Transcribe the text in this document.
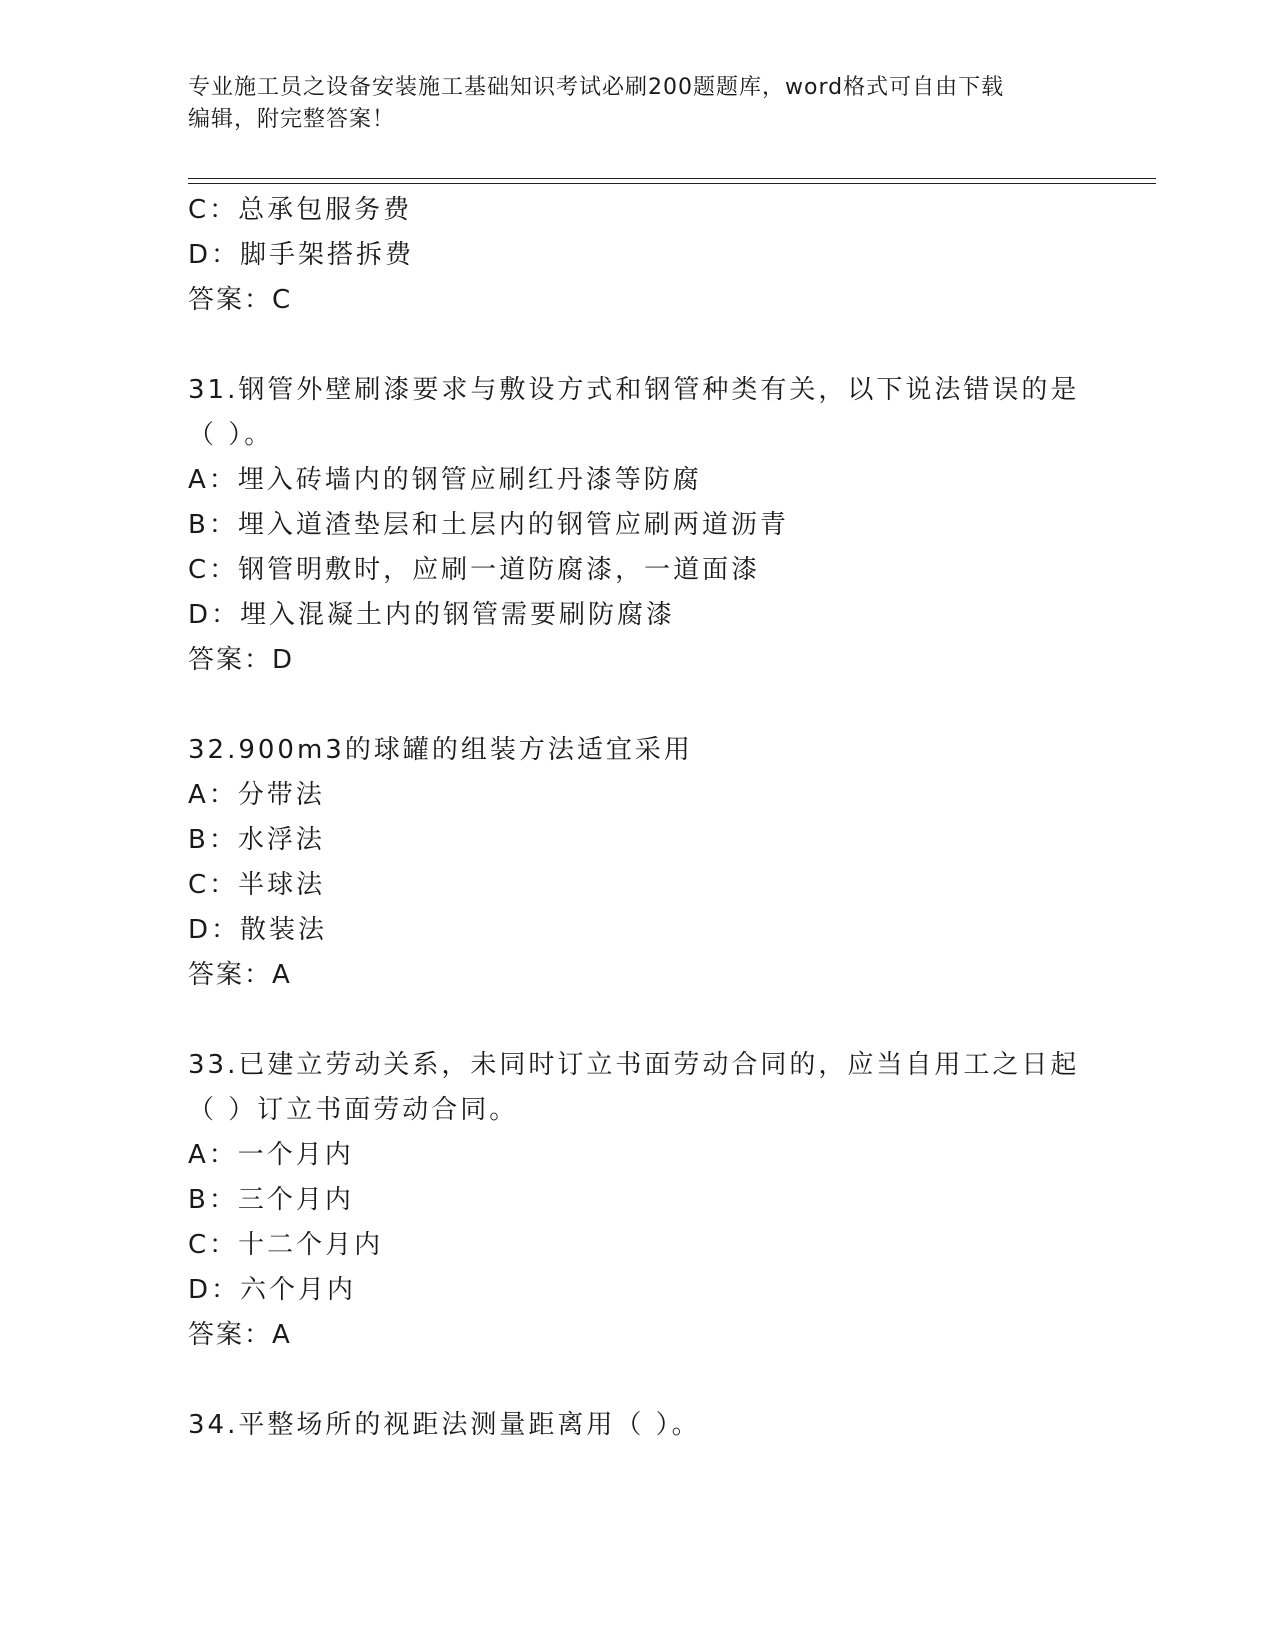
专业施工员之设备安装施工基础知识考试必刷200题题库，word格式可自由下载
编辑，附完整答案！
C：总承包服务费
D：脚手架搭拆费
答案：C
31.钢管外壁刷漆要求与敷设方式和钢管种类有关，以下说法错误的是
（ ）。
A：埋入砖墙内的钢管应刷红丹漆等防腐
B：埋入道渣垫层和土层内的钢管应刷两道沥青
C：钢管明敷时，应刷一道防腐漆，一道面漆
D：埋入混凝土内的钢管需要刷防腐漆
答案：D
32.900m3的球罐的组装方法适宜采用
A：分带法
B：水浮法
C：半球法
D：散装法
答案：A
33.已建立劳动关系，未同时订立书面劳动合同的，应当自用工之日起
（ ）订立书面劳动合同。
A：一个月内
B：三个月内
C：十二个月内
D：六个月内
答案：A
34.平整场所的视距法测量距离用（ ）。
